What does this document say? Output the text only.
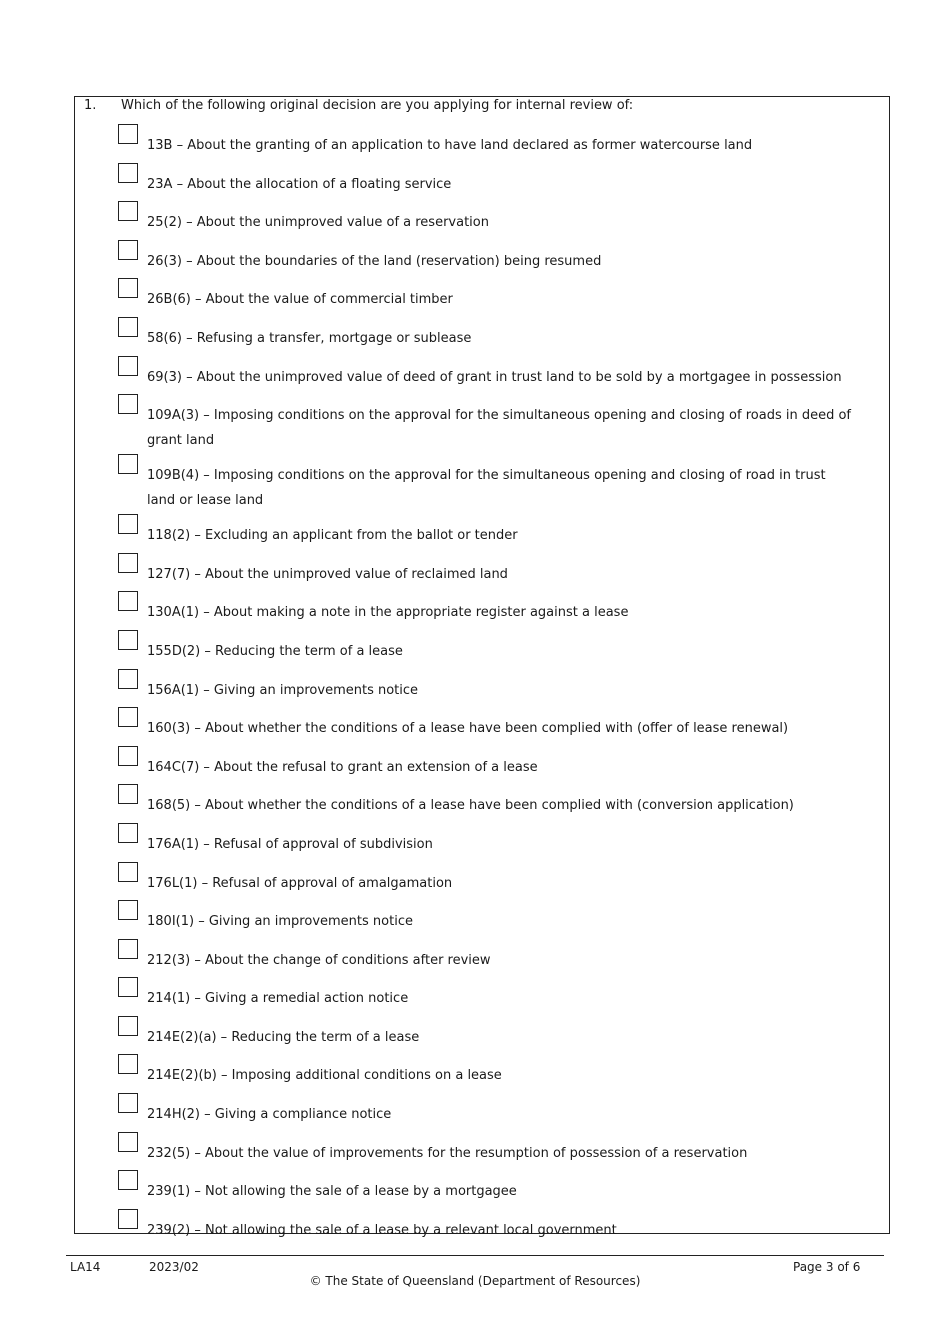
1. Which of the following original decision are you applying for internal review of:
13B – About the granting of an application to have land declared as former watercourse land
23A – About the allocation of a floating service
25(2) – About the unimproved value of a reservation
26(3) – About the boundaries of the land (reservation) being resumed
26B(6) – About the value of commercial timber
58(6) – Refusing a transfer, mortgage or sublease
69(3) – About the unimproved value of deed of grant in trust land to be sold by a mortgagee in possession
109A(3) – Imposing conditions on the approval for the simultaneous opening and closing of roads in deed of grant land
109B(4) – Imposing conditions on the approval for the simultaneous opening and closing of road in trust land or lease land
118(2) – Excluding an applicant from the ballot or tender
127(7) – About the unimproved value of reclaimed land
130A(1) – About making a note in the appropriate register against a lease
155D(2) – Reducing the term of a lease
156A(1) – Giving an improvements notice
160(3) – About whether the conditions of a lease have been complied with (offer of lease renewal)
164C(7) – About the refusal to grant an extension of a lease
168(5) – About whether the conditions of a lease have been complied with (conversion application)
176A(1) – Refusal of approval of subdivision
176L(1) – Refusal of approval of amalgamation
180I(1) – Giving an improvements notice
212(3) – About the change of conditions after review
214(1) – Giving a remedial action notice
214E(2)(a) – Reducing the term of a lease
214E(2)(b) – Imposing additional conditions on a lease
214H(2) – Giving a compliance notice
232(5) – About the value of improvements for the resumption of possession of a reservation
239(1) – Not allowing the sale of a lease by a mortgagee
239(2) – Not allowing the sale of a lease by a relevant local government
LA14	2023/02	Page 3 of 6
© The State of Queensland (Department of Resources)
